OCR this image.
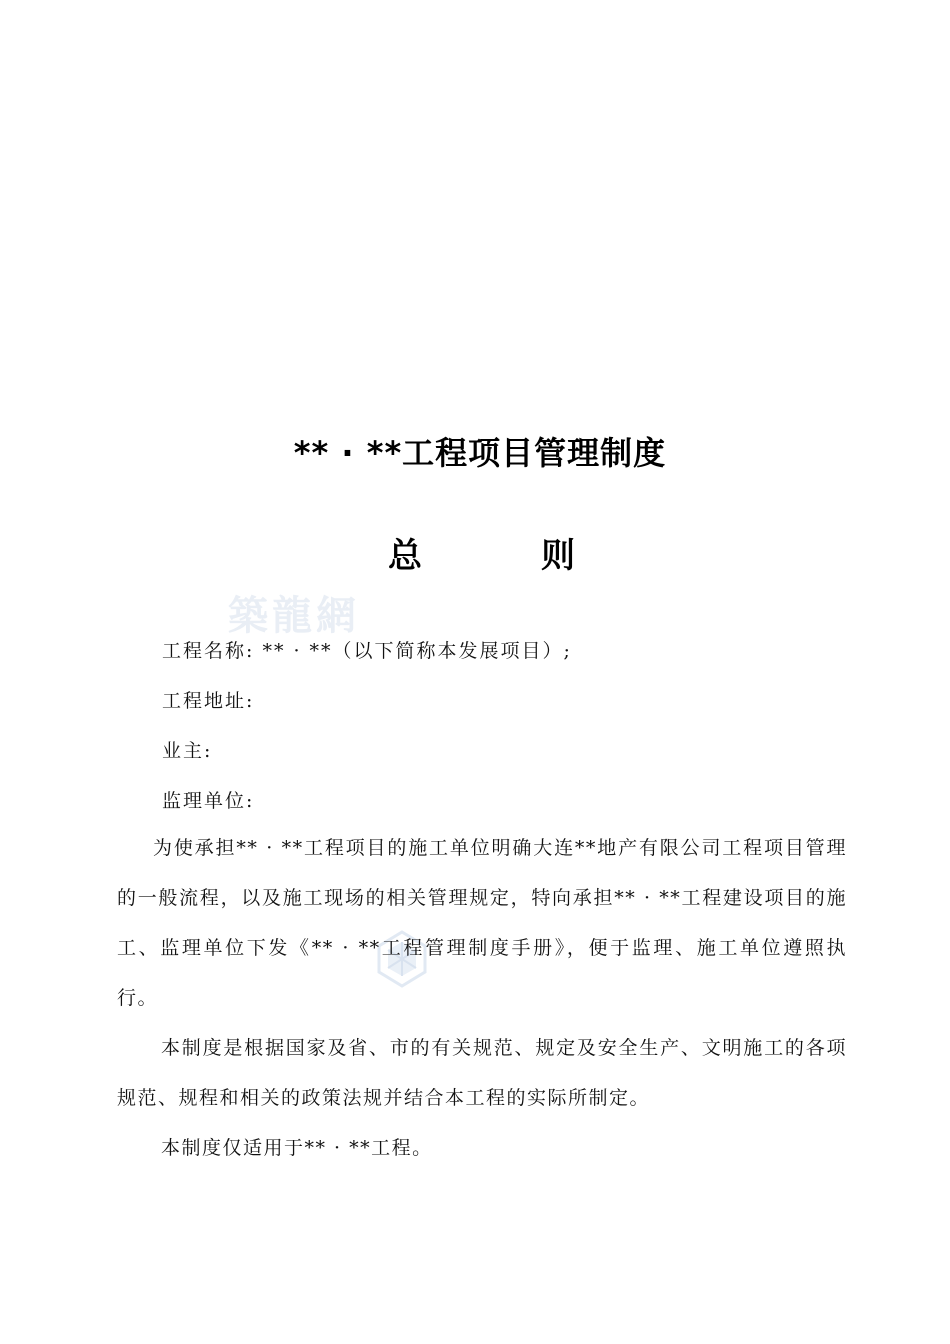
** · **工程项目管理制度
总	则
築龍網
工程名称: ** · **（以下简称本发展项目）;
工程地址:
业主:
监理单位:

为使承担** · **工程项目的施工单位明确大连**地产有限公司工程项目管理的一般流程，以及施工现场的相关管理规定，特向承担** · **工程建设项目的施工、监理单位下发《** · **工程管理制度手册》，便于监理、施工单位遵照执行。

本制度是根据国家及省、市的有关规范、规定及安全生产、文明施工的各项规范、规程和相关的政策法规并结合本工程的实际所制定。

本制度仅适用于** · **工程。
